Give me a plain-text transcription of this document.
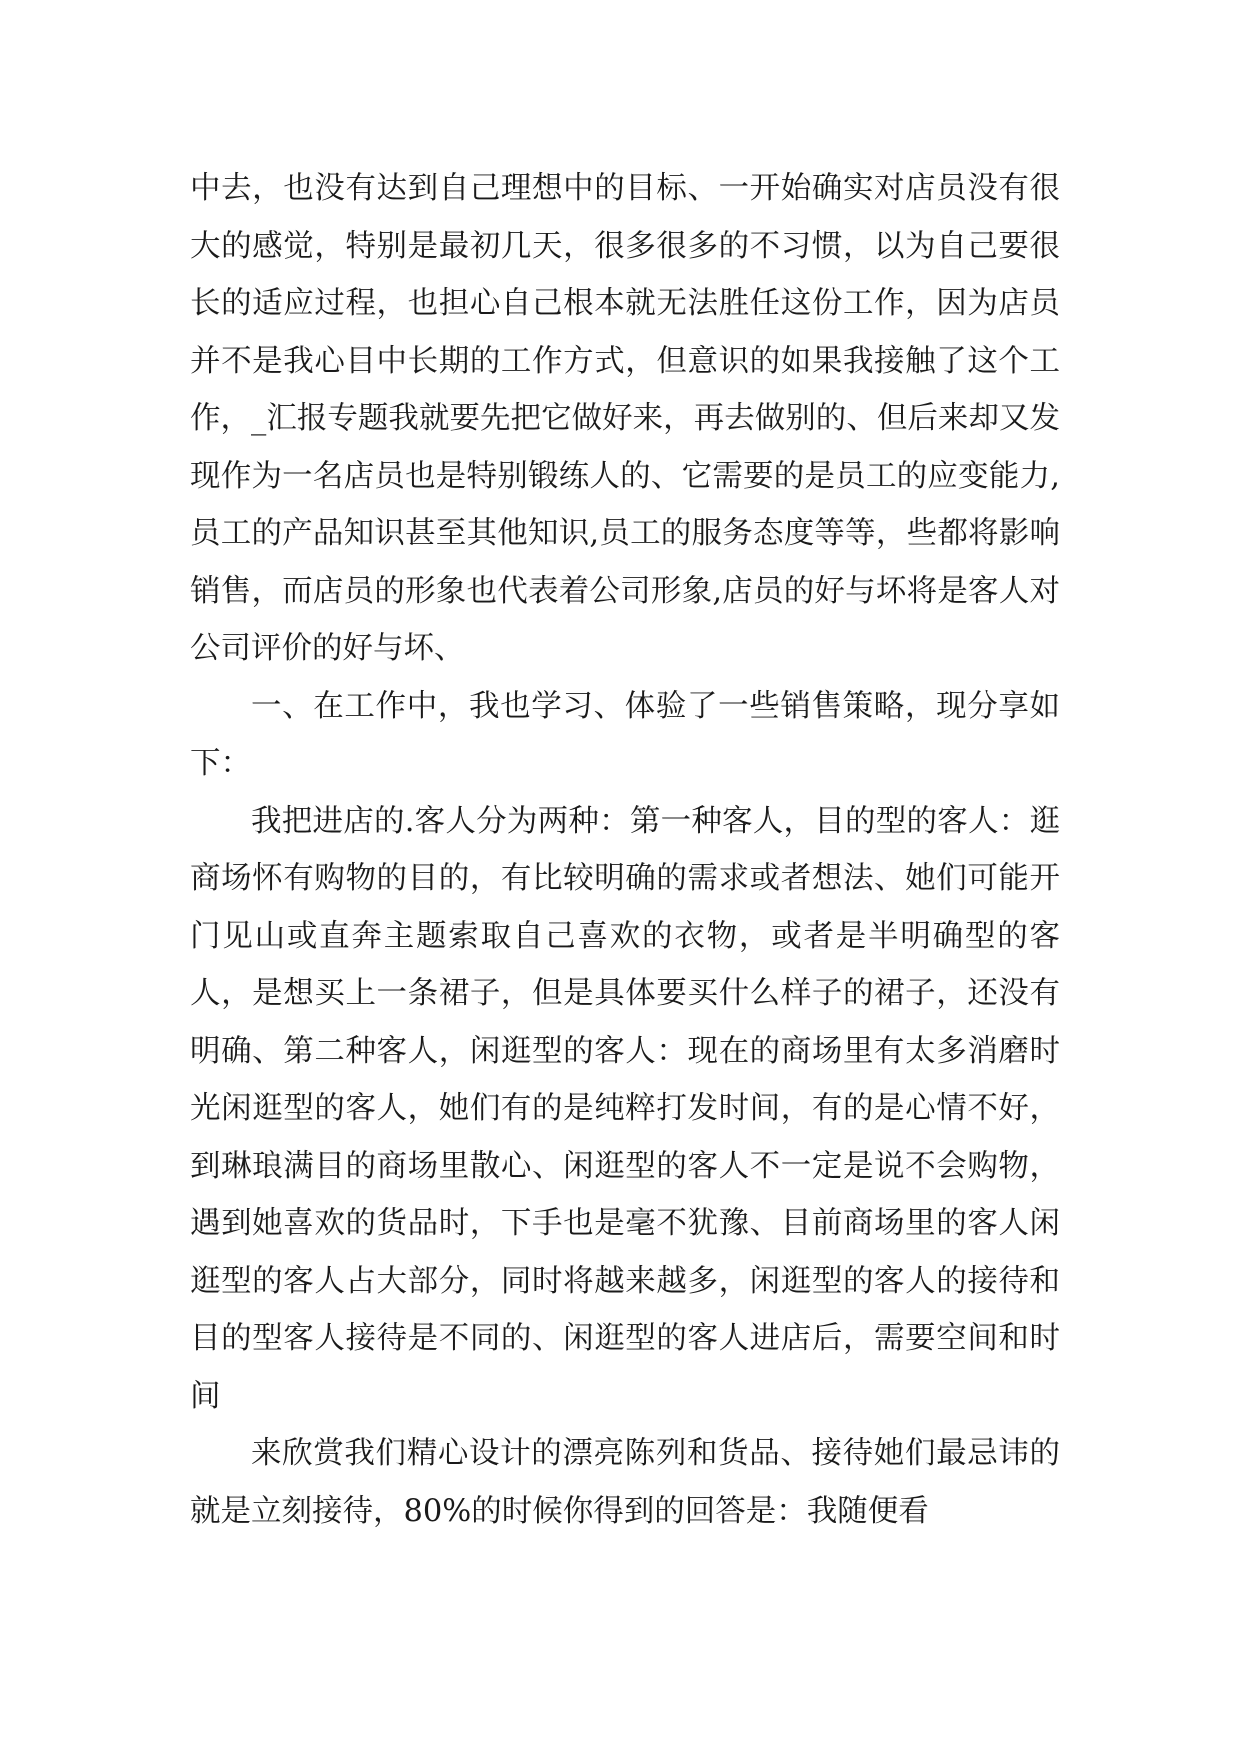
中去，也没有达到自己理想中的目标、一开始确实对店员没有很大的感觉，特别是最初几天，很多很多的不习惯，以为自己要很长的适应过程，也担心自己根本就无法胜任这份工作，因为店员并不是我心目中长期的工作方式，但意识的如果我接触了这个工作，_汇报专题我就要先把它做好来，再去做别的、但后来却又发现作为一名店员也是特别锻练人的、它需要的是员工的应变能力,员工的产品知识甚至其他知识,员工的服务态度等等，些都将影响销售，而店员的形象也代表着公司形象,店员的好与坏将是客人对公司评价的好与坏、

一、在工作中，我也学习、体验了一些销售策略，现分享如下：

我把进店的.客人分为两种：第一种客人，目的型的客人：逛商场怀有购物的目的，有比较明确的需求或者想法、她们可能开门见山或直奔主题索取自己喜欢的衣物，或者是半明确型的客人，是想买上一条裙子，但是具体要买什么样子的裙子，还没有明确、第二种客人，闲逛型的客人：现在的商场里有太多消磨时光闲逛型的客人，她们有的是纯粹打发时间，有的是心情不好，到琳琅满目的商场里散心、闲逛型的客人不一定是说不会购物，遇到她喜欢的货品时，下手也是毫不犹豫、目前商场里的客人闲逛型的客人占大部分，同时将越来越多，闲逛型的客人的接待和目的型客人接待是不同的、闲逛型的客人进店后，需要空间和时间

来欣赏我们精心设计的漂亮陈列和货品、接待她们最忌讳的就是立刻接待，80%的时候你得到的回答是：我随便看
